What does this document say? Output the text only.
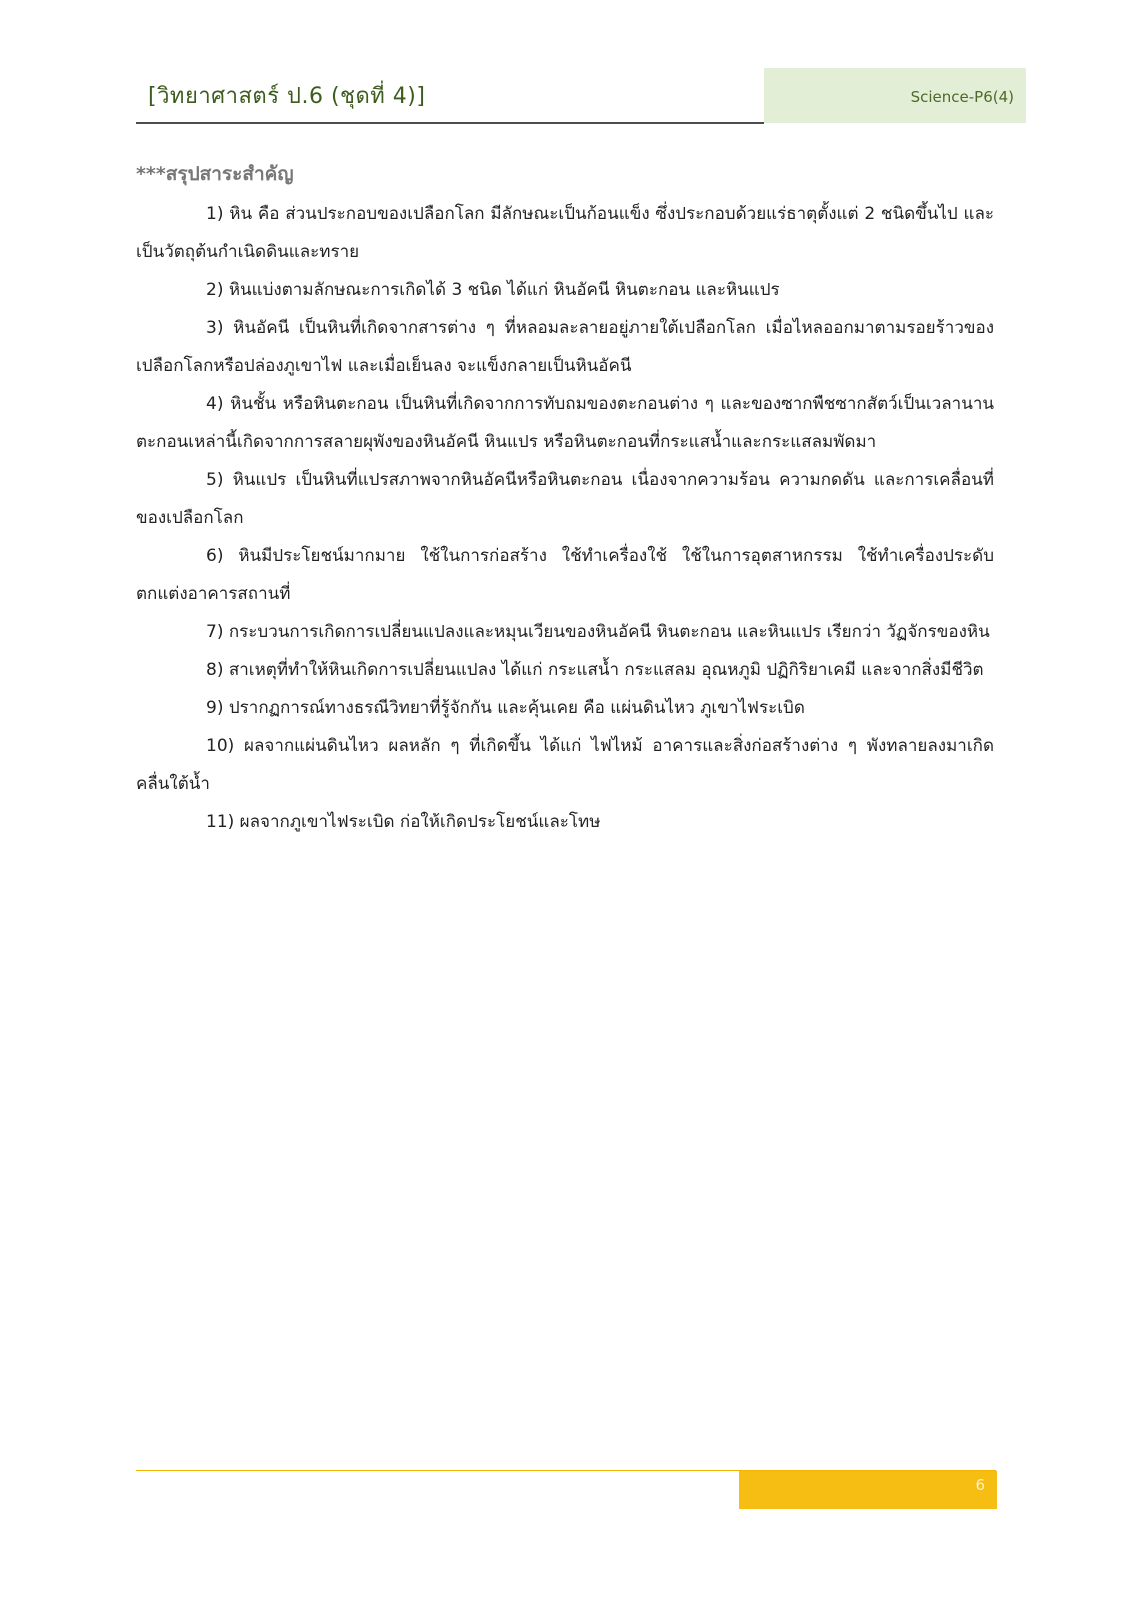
[วิทยาศาสตร์ ป.6 (ชุดที่ 4)]	Science-P6(4)
***สรุปสาระสำคัญ

1) หิน คือ ส่วนประกอบของเปลือกโลก มีลักษณะเป็นก้อนแข็ง ซึ่งประกอบด้วยแร่ธาตุตั้งแต่ 2 ชนิดขึ้นไป และเป็นวัตถุต้นกำเนิดดินและทราย

2) หินแบ่งตามลักษณะการเกิดได้ 3 ชนิด ได้แก่ หินอัคนี หินตะกอน และหินแปร

3) หินอัคนี เป็นหินที่เกิดจากสารต่าง ๆ ที่หลอมละลายอยู่ภายใต้เปลือกโลก เมื่อไหลออกมาตามรอยร้าวของเปลือกโลกหรือปล่องภูเขาไฟ และเมื่อเย็นลง จะแข็งกลายเป็นหินอัคนี

4) หินชั้น หรือหินตะกอน เป็นหินที่เกิดจากการทับถมของตะกอนต่าง ๆ และของซากพืชซากสัตว์เป็นเวลานาน ตะกอนเหล่านี้เกิดจากการสลายผุพังของหินอัคนี หินแปร หรือหินตะกอนที่กระแสน้ำและกระแสลมพัดมา

5) หินแปร เป็นหินที่แปรสภาพจากหินอัคนีหรือหินตะกอน เนื่องจากความร้อน ความกดดัน และการเคลื่อนที่ของเปลือกโลก

6) หินมีประโยชน์มากมาย ใช้ในการก่อสร้าง ใช้ทำเครื่องใช้ ใช้ในการอุตสาหกรรม ใช้ทำเครื่องประดับตกแต่งอาคารสถานที่

7) กระบวนการเกิดการเปลี่ยนแปลงและหมุนเวียนของหินอัคนี หินตะกอน และหินแปร เรียกว่า วัฏจักรของหิน

8) สาเหตุที่ทำให้หินเกิดการเปลี่ยนแปลง ได้แก่ กระแสน้ำ กระแสลม อุณหภูมิ ปฏิกิริยาเคมี และจากสิ่งมีชีวิต

9) ปรากฏการณ์ทางธรณีวิทยาที่รู้จักกัน และคุ้นเคย คือ แผ่นดินไหว ภูเขาไฟระเบิด

10) ผลจากแผ่นดินไหว ผลหลัก ๆ ที่เกิดขึ้น ได้แก่ ไฟไหม้ อาคารและสิ่งก่อสร้างต่าง ๆ พังทลายลงมาเกิดคลื่นใต้น้ำ

11) ผลจากภูเขาไฟระเบิด ก่อให้เกิดประโยชน์และโทษ

6
